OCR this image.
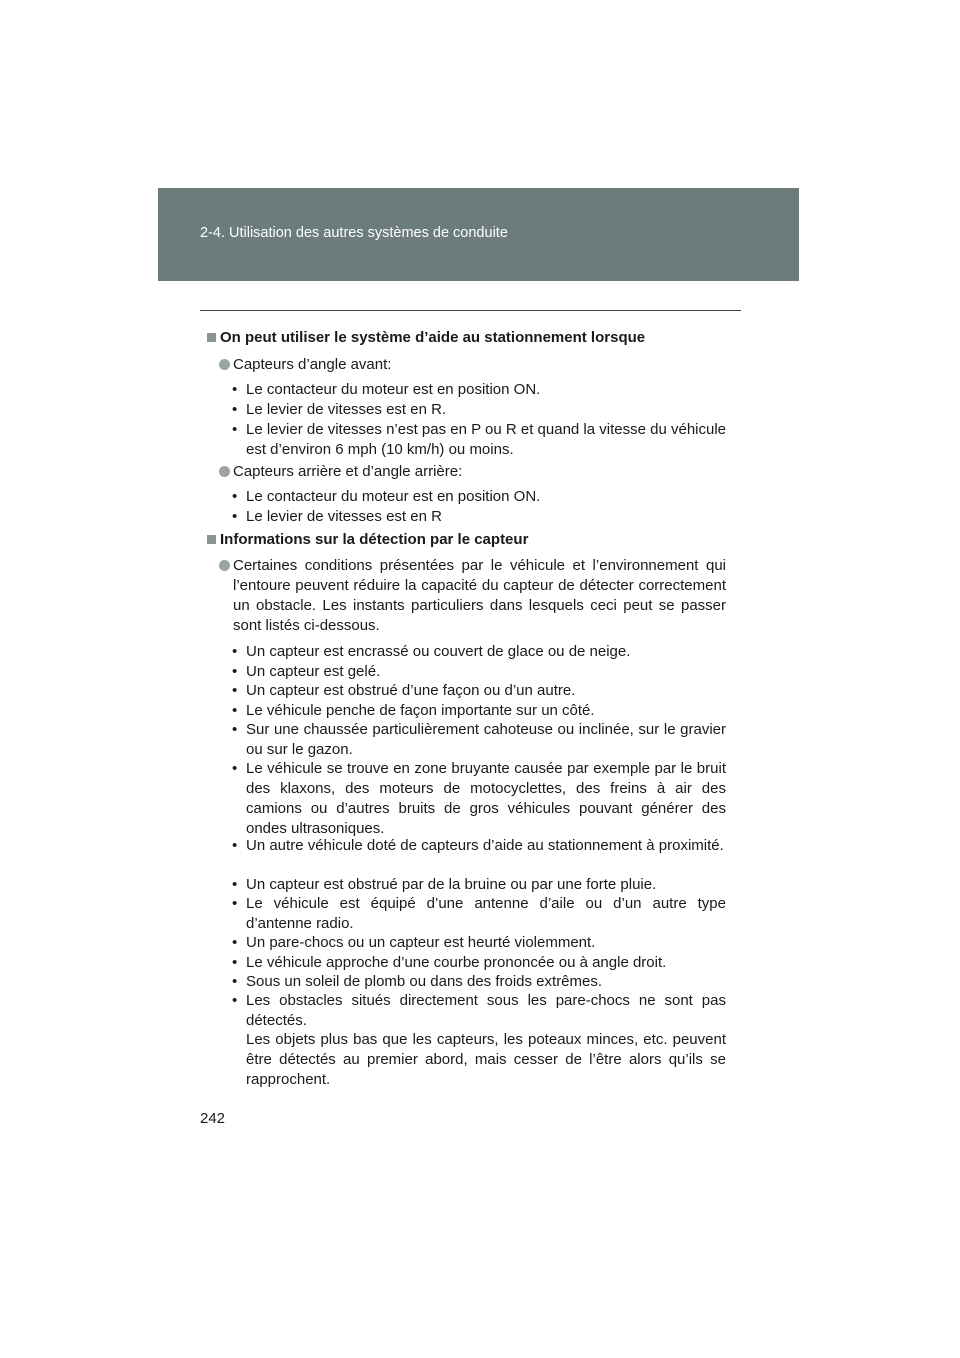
2-4. Utilisation des autres systèmes de conduite
On peut utiliser le système d’aide au stationnement lorsque
Capteurs d’angle avant:
• Le contacteur du moteur est en position ON.
• Le levier de vitesses est en R.
• Le levier de vitesses n’est pas en P ou R et quand la vitesse du véhicule est d’environ 6 mph (10 km/h) ou moins.
Capteurs arrière et d’angle arrière:
• Le contacteur du moteur est en position ON.
• Le levier de vitesses est en R
Informations sur la détection par le capteur
Certaines conditions présentées par le véhicule et l’environnement qui l’entoure peuvent réduire la capacité du capteur de détecter correctement un obstacle. Les instants particuliers dans lesquels ceci peut se passer sont listés ci-dessous.
• Un capteur est encrassé ou couvert de glace ou de neige.
• Un capteur est gelé.
• Un capteur est obstrué d’une façon ou d’un autre.
• Le véhicule penche de façon importante sur un côté.
• Sur une chaussée particulièrement cahoteuse ou inclinée, sur le gravier ou sur le gazon.
• Le véhicule se trouve en zone bruyante causée par exemple par le bruit des klaxons, des moteurs de motocyclettes, des freins à air des camions ou d’autres bruits de gros véhicules pouvant générer des ondes ultrasoniques.
• Un autre véhicule doté de capteurs d’aide au stationnement à proximité.
• Un capteur est obstrué par de la bruine ou par une forte pluie.
• Le véhicule est équipé d’une antenne d’aile ou d’un autre type d’antenne radio.
• Un pare-chocs ou un capteur est heurté violemment.
• Le véhicule approche d’une courbe prononcée ou à angle droit.
• Sous un soleil de plomb ou dans des froids extrêmes.
• Les obstacles situés directement sous les pare-chocs ne sont pas détectés.
Les objets plus bas que les capteurs, les poteaux minces, etc. peuvent être détectés au premier abord, mais cesser de l’être alors qu’ils se rapprochent.
242
